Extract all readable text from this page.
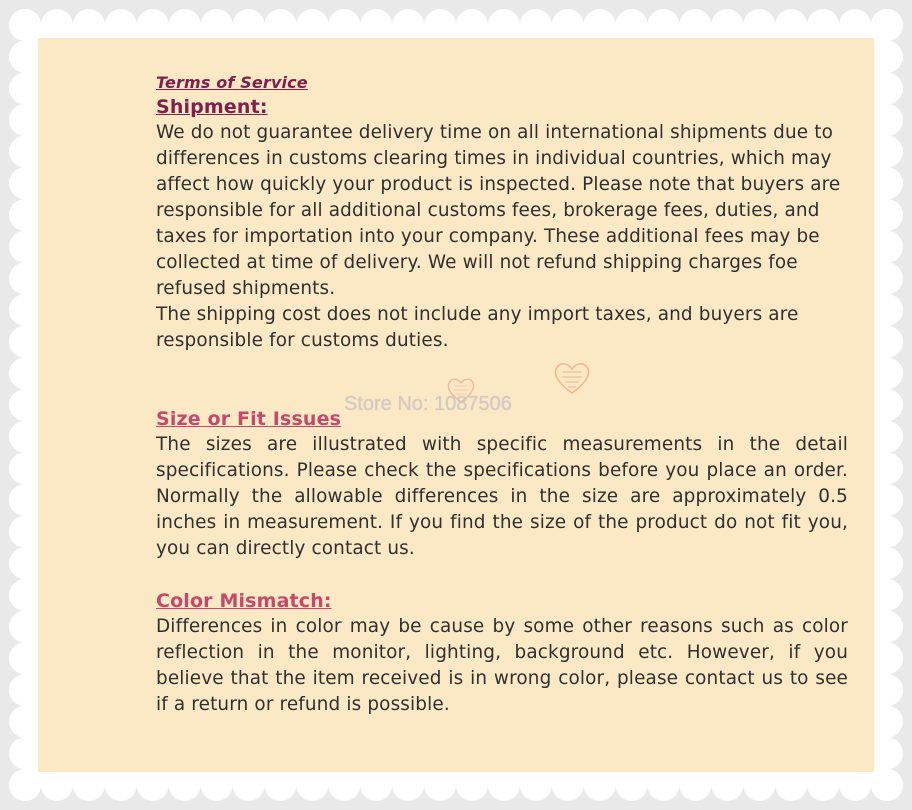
Terms of Service
Shipment:

We do not guarantee delivery time on all international shipments due to differences in customs clearing times in individual countries, which may affect how quickly your product is inspected. Please note that buyers are responsible for all additional customs fees, brokerage fees, duties, and taxes for importation into your company. These additional fees may be collected at time of delivery. We will not refund shipping charges foe refused shipments.

The shipping cost does not include any import taxes, and buyers are responsible for customs duties.

Size or Fit Issues

The sizes are illustrated with specific measurements in the detail specifications. Please check the specifications before you place an order. Normally the allowable differences in the size are approximately 0.5 inches in measurement. If you find the size of the product do not fit you, you can directly contact us.

Color Mismatch:

Differences in color may be cause by some other reasons such as color reflection in the monitor, lighting, background etc. However, if you believe that the item received is in wrong color, please contact us to see if a return or refund is possible.

Store No: 1087506
